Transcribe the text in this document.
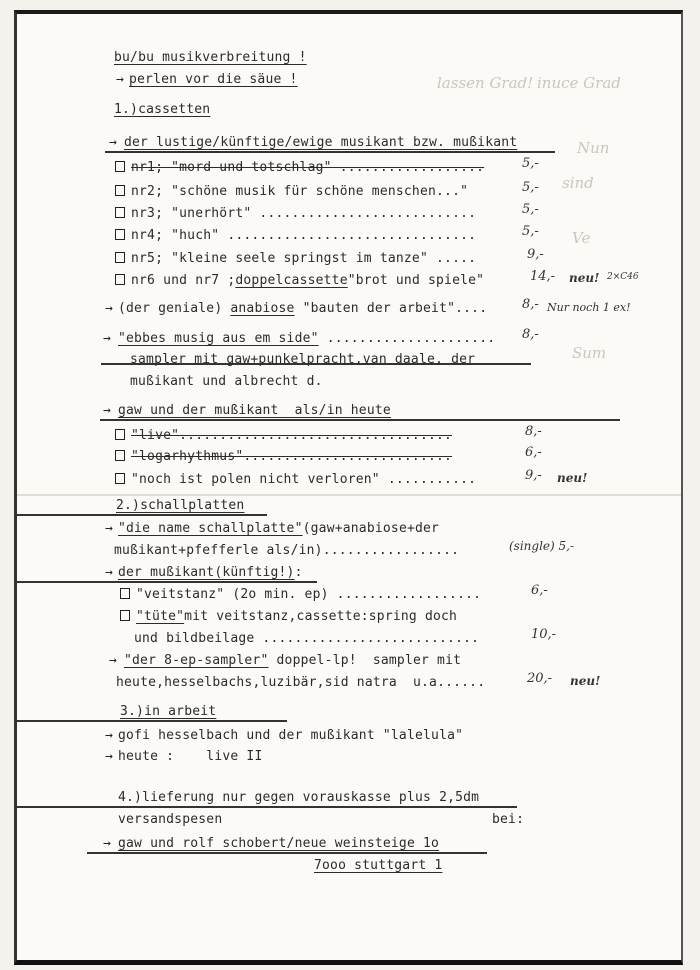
lassen Grad! inuce Grad
Nun
sind
Ve
Sum
bu/bu musikverbreitung !
→ perlen vor die säue !
1.)cassetten
→ der lustige/künftige/ewige musikant bzw. mußikant
nr1; "mord und totschlag" ..................	5,-
nr2; "schöne musik für schöne menschen..."	5,-
nr3; "unerhört" ...........................	5,-
nr4; "huch" ...............................	5,-
nr5; "kleine seele springst im tanze" .....	9,-
nr6 und nr7 ;doppelcassette"brot und spiele"	14,- neu! 2×C46
→ (der geniale) anabiose "bauten der arbeit"....	8,- Nur noch 1 ex!
→ "ebbes musig aus em side" ..................... 8,-
sampler mit gaw+punkelpracht,van daale, der
mußikant und albrecht d.
→ gaw und der mußikant  als/in heute
"live"..................................	8,-
"logarhythmus"..........................	6,-
"noch ist polen nicht verloren" ...........	9,- neu!
2.)schallplatten
→ "die name schallplatte"(gaw+anabiose+der
mußikant+pfefferle als/in).................	(single) 5,-
→ der mußikant(künftig!):
"veitstanz" (2o min. ep) ..................	6,-
"tüte"mit veitstanz,cassette:spring doch
und bildbeilage ...........................	10,-
→ "der 8-ep-sampler" doppel-lp!  sampler mit
heute,hesselbachs,luzibär,sid natra  u.a......	20,- neu!
3.)in arbeit
→ gofi hesselbach und der mußikant "lalelula"
→ heute :    live II
4.)lieferung nur gegen vorauskasse plus 2,5dm
versandspesen	bei:
→ gaw und rolf schobert/neue weinsteige 1o
7ooo stuttgart 1
